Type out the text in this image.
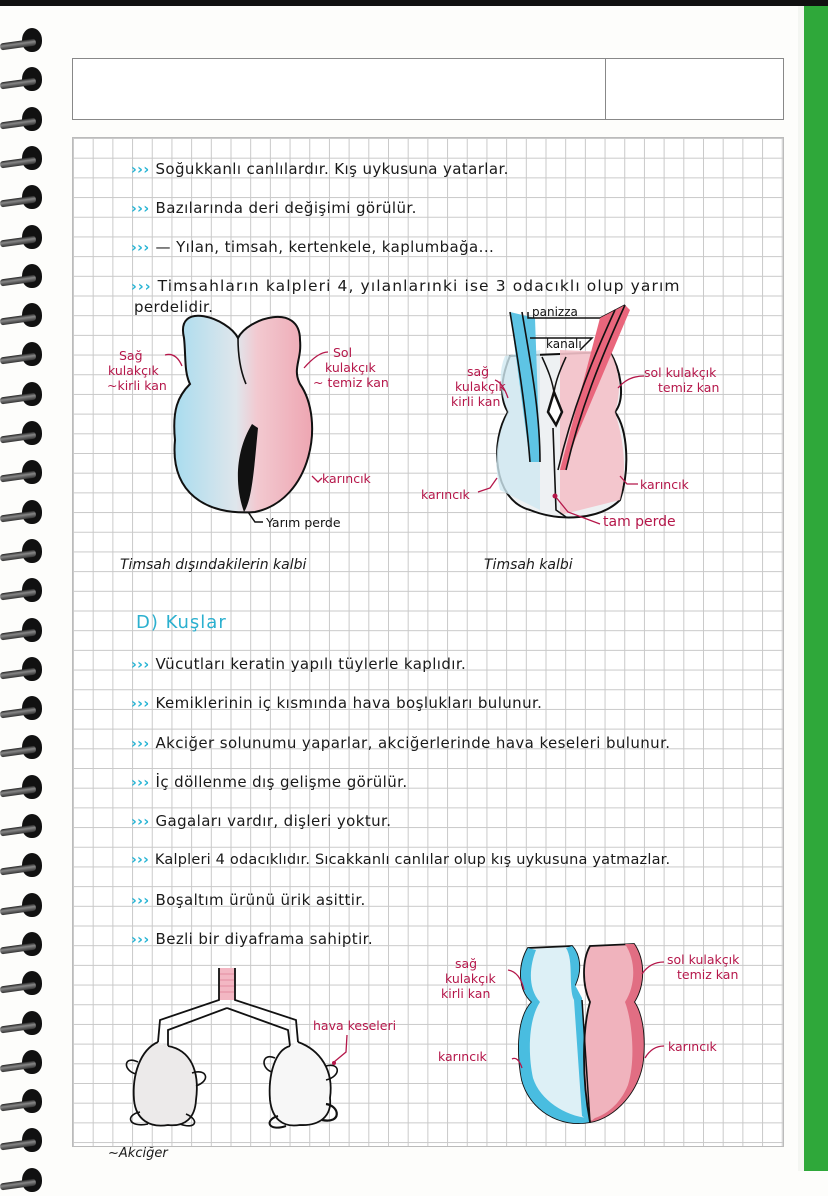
››› Soğukkanlı canlılardır. Kış uykusuna yatarlar.
››› Bazılarında deri değişimi görülür.
››› — Yılan, timsah, kertenkele, kaplumbağa...
››› Timsahların kalpleri 4, yılanlarınki ise 3 odacıklı olup yarım
perdelidir.
Sağ
kulakçık
~kirli kan
Sol
kulakçık
~ temiz kan
karıncık
Yarım perde
Timsah dışındakilerin kalbi
panizza
kanalı
sağ
kulakçık
kirli kan
sol kulakçık
temiz kan
karıncık
karıncık
tam perde
Timsah kalbi
D) Kuşlar
››› Vücutları keratin yapılı tüylerle kaplıdır.
››› Kemiklerinin iç kısmında hava boşlukları bulunur.
››› Akciğer solunumu yaparlar, akciğerlerinde hava keseleri bulunur.
››› İç döllenme dış gelişme görülür.
››› Gagaları vardır, dişleri yoktur.
››› Kalpleri 4 odacıklıdır. Sıcakkanlı canlılar olup kış uykusuna yatmazlar.
››› Boşaltım ürünü ürik asittir.
››› Bezli bir diyaframa sahiptir.
hava keseleri
~Akciğer
sağ
kulakçık
kirli kan
sol kulakçık
temiz kan
karıncık
karıncık
